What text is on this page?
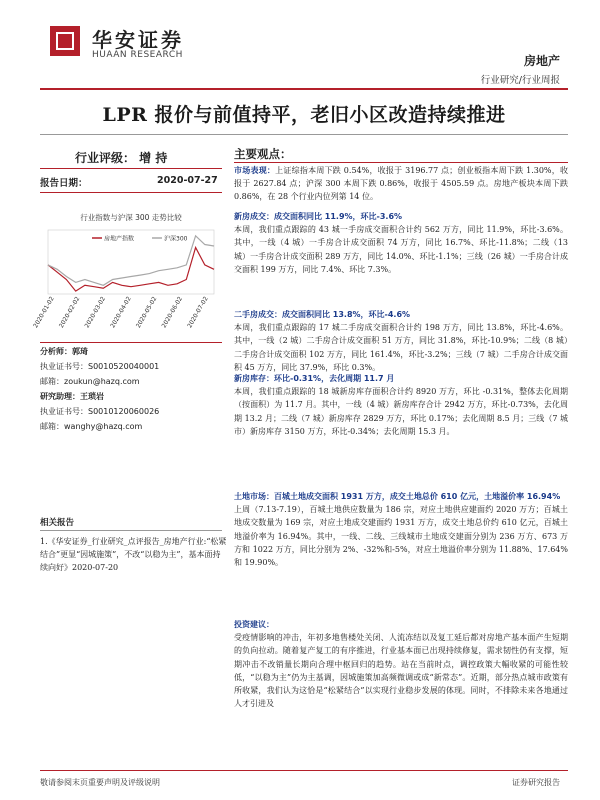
华安证券
HUAAN RESEARCH	房地产
行业研究/行业周报
LPR 报价与前值持平，老旧小区改造持续推进
行业评级： 增 持
报告日期：	2020-07-27
行业指数与沪深 300 走势比较
房地产指数	沪深300
2020-01-02 2020-02-02 2020-03-02 2020-04-02 2020-05-02 2020-06-02 2020-07-02
分析师：郭琦
执业证书号：S0010520040001
邮箱：zoukun@hazq.com
研究助理：王琐岩
执业证书号：S0010120060026
邮箱：wanghy@hazq.com
相关报告
1.《华安证券_行业研究_点评报告_房地产行业:“松紧结合”更显“因城施策”，不改“以稳为主”，基本面持续向好》2020-07-20
主要观点：

市场表现：上证综指本周下跌 0.54%，收报于 3196.77 点；创业板指本周下跌 1.30%，收报于 2627.84 点；沪深 300 本周下跌 0.86%，收报于 4505.59 点。房地产板块本周下跌 0.86%，在 28 个行业内位列第 14 位。

新房成交：成交面积同比 11.9%，环比-3.6%

本周，我们重点跟踪的 43 城一手房成交面积合计约 562 万方，同比 11.9%，环比-3.6%。其中，一线（4 城）一手房合计成交面积 74 万方，同比 16.7%、环比-11.8%；二线（13 城）一手房合计成交面积 289 万方，同比 14.0%、环比-1.1%；三线（26 城）一手房合计成交面积 199 万方，同比 7.4%、环比 7.3%。

二手房成交：成交面积同比 13.8%，环比-4.6%

本周，我们重点跟踪的 17 城二手房成交面积合计约 198 万方，同比 13.8%，环比-4.6%。其中，一线（2 城）二手房合计成交面积 51 万方，同比 31.8%，环比-10.9%；二线（8 城）二手房合计成交面积 102 万方，同比 161.4%，环比-3.2%；三线（7 城）二手房合计成交面积 45 万方，同比 37.9%，环比 0.3%。

新房库存：环比-0.31%，去化周期 11.7 月

本周，我们重点跟踪的 18 城新房库存面积合计约 8920 万方，环比 -0.31%，整体去化周期（按面积）为 11.7 月。其中，一线（4 城）新房库存合计 2942 万方，环比-0.73%，去化周期 13.2 月；二线（7 城）新房库存 2829 万方，环比 0.17%；去化周期 8.5 月；三线（7 城市）新房库存 3150 万方，环比-0.34%；去化周期 15.3 月。

土地市场：百城土地成交面积 1931 万方，成交土地总价 610 亿元，土地溢价率 16.94%

上周（7.13-7.19），百城土地供应数量为 186 宗，对应土地供应建面约 2020 万方；百城土地成交数量为 169 宗，对应土地成交建面约 1931 万方，成交土地总价约 610 亿元，百城土地溢价率为 16.94%。其中，一线、二线、三线城市土地成交建面分别为 236 万方、673 万方和 1022 万方，同比分别为 2%、-32%和-5%，对应土地溢价率分别为 11.88%、17.64%和 19.90%。

投资建议：

受疫情影响的冲击，年初多地售楼处关闭、人流冻结以及复工延后都对房地产基本面产生短期的负向拉动。随着复产复工的有序推进，行业基本面已出现持续修复，需求韧性仍有支撑，短期冲击不改销量长期向合理中枢回归的趋势。站在当前时点，调控政策大幅收紧的可能性较低，“以稳为主”仍为主基调，因城施策加高频微调或成“新常态”。近期，部分热点城市政策有所收紧，我们认为这恰是“松紧结合”以实现行业稳步发展的体现。同时，不排除未来各地通过人才引进及

敬请参阅末页重要声明及评级说明	证券研究报告
